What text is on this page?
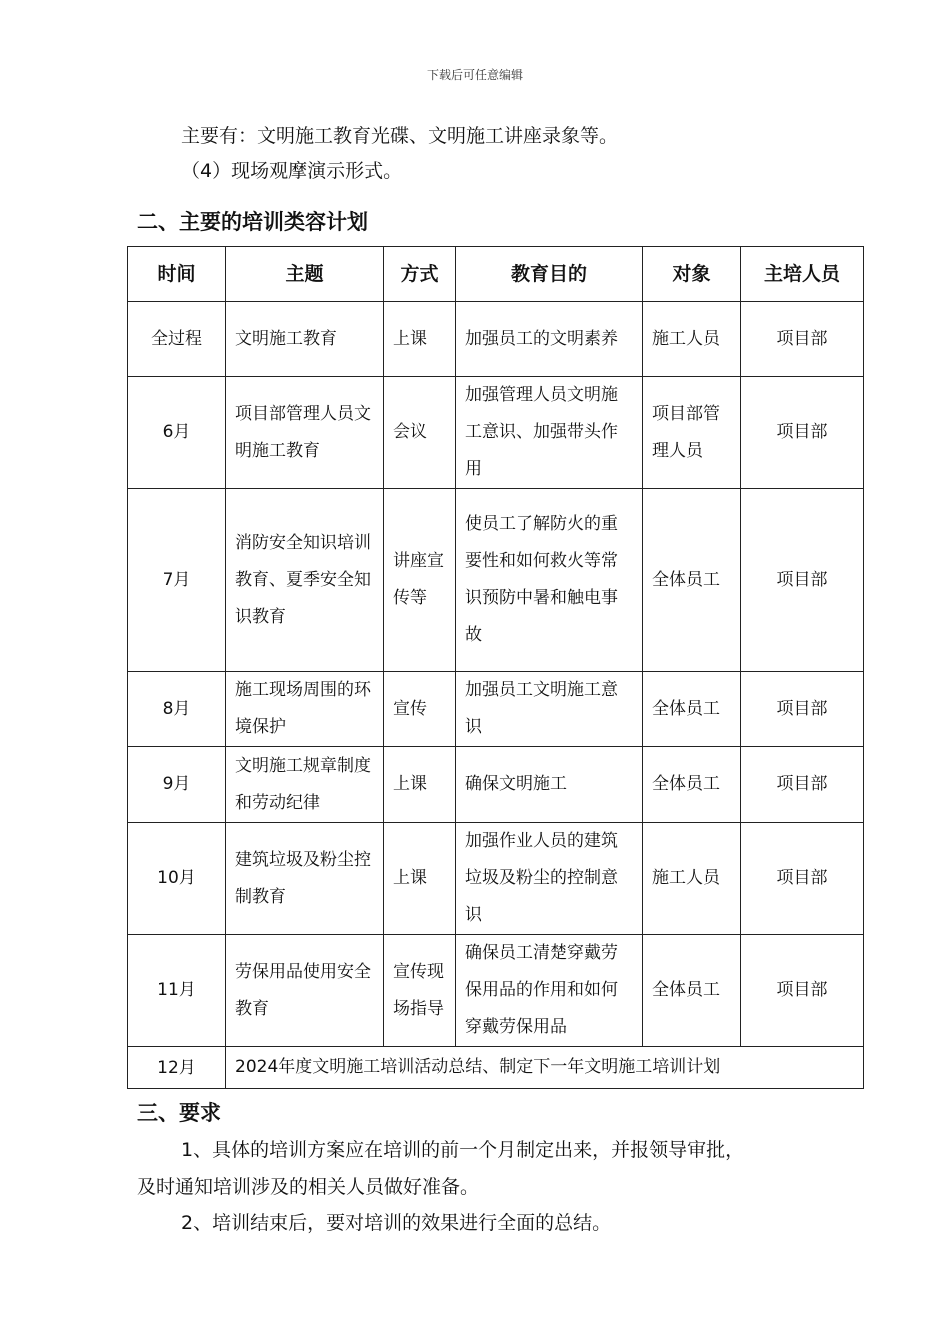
下载后可任意编辑
主要有：文明施工教育光碟、文明施工讲座录象等。
（4）现场观摩演示形式。
二、主要的培训类容计划
时间	主题	方式	教育目的	对象	主培人员
全过程	文明施工教育	上课	加强员工的文明素养	施工人员	项目部
6月	项目部管理人员文明施工教育	会议	加强管理人员文明施工意识、加强带头作用	项目部管理人员	项目部
7月	消防安全知识培训教育、夏季安全知识教育	讲座宣传等	使员工了解防火的重要性和如何救火等常识预防中暑和触电事故	全体员工	项目部
8月	施工现场周围的环境保护	宣传	加强员工文明施工意识	全体员工	项目部
9月	文明施工规章制度和劳动纪律	上课	确保文明施工	全体员工	项目部
10月	建筑垃圾及粉尘控制教育	上课	加强作业人员的建筑垃圾及粉尘的控制意识	施工人员	项目部
11月	劳保用品使用安全教育	宣传现场指导	确保员工清楚穿戴劳保用品的作用和如何穿戴劳保用品	全体员工	项目部
12月	2024年度文明施工培训活动总结、制定下一年文明施工培训计划				
三、要求
1、具体的培训方案应在培训的前一个月制定出来，并报领导审批，
及时通知培训涉及的相关人员做好准备。
2、培训结束后，要对培训的效果进行全面的总结。
